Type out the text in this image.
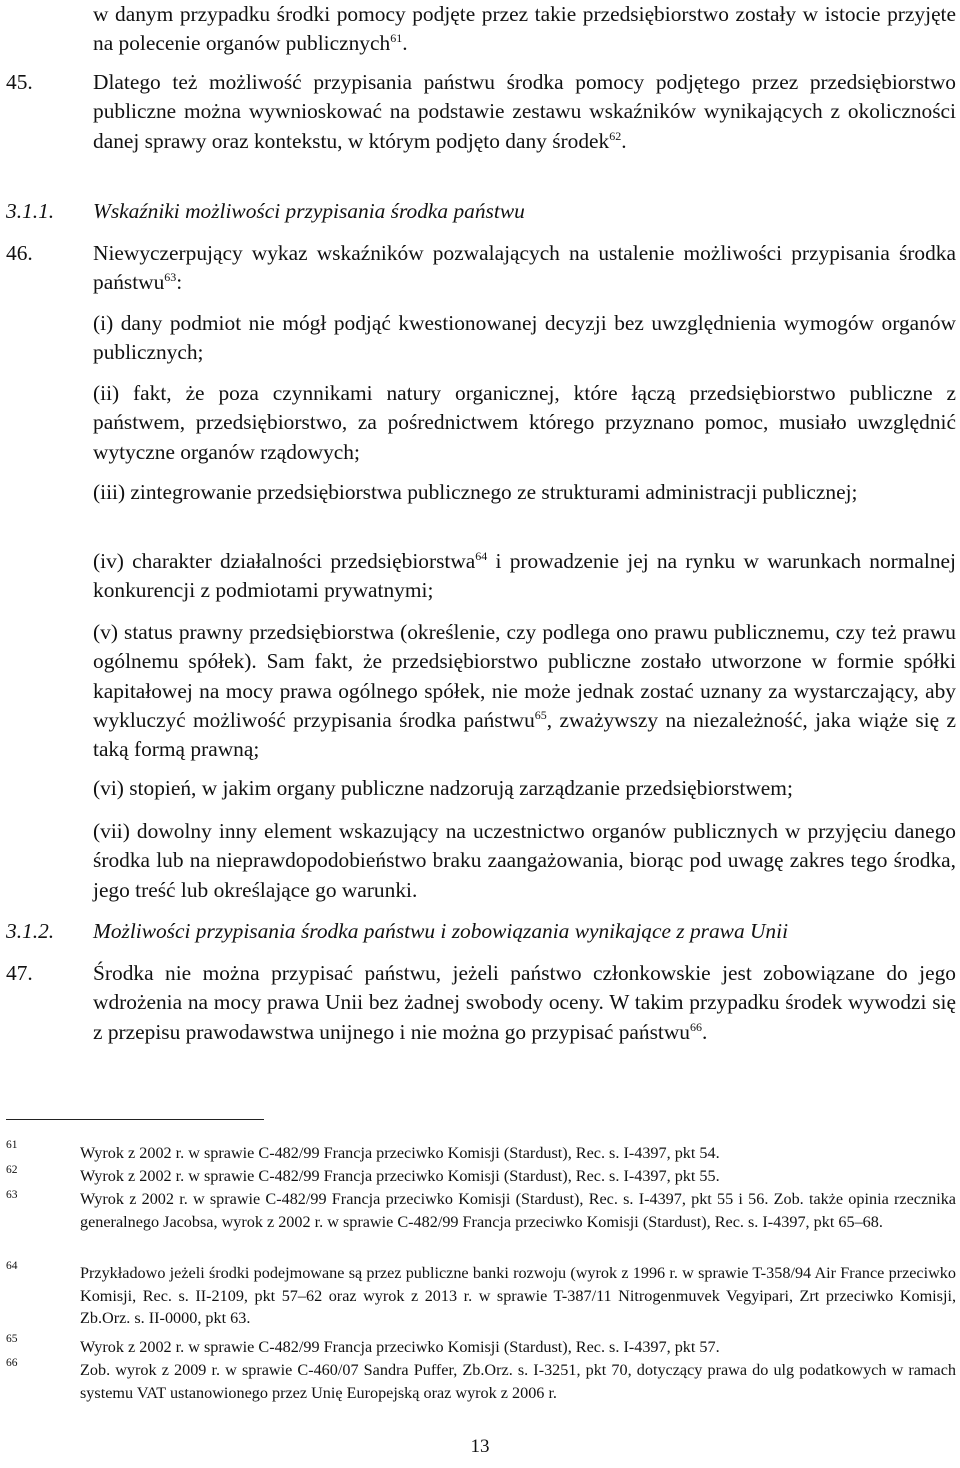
w danym przypadku środki pomocy podjęte przez takie przedsiębiorstwo zostały w istocie przyjęte na polecenie organów publicznych$^{61}$.
45.	Dlatego też możliwość przypisania państwu środka pomocy podjętego przez przedsiębiorstwo publiczne można wywnioskować na podstawie zestawu wskaźników wynikających z okoliczności danej sprawy oraz kontekstu, w którym podjęto dany środek$^{62}$.
3.1.1. Wskaźniki możliwości przypisania środka państwu
46.	Niewyczerpujący wykaz wskaźników pozwalających na ustalenie możliwości przypisania środka państwu$^{63}$:
(i) dany podmiot nie mógł podjąć kwestionowanej decyzji bez uwzględnienia wymogów organów publicznych;
(ii) fakt, że poza czynnikami natury organicznej, które łączą przedsiębiorstwo publiczne z państwem, przedsiębiorstwo, za pośrednictwem którego przyznano pomoc, musiało uwzględnić wytyczne organów rządowych;
(iii) zintegrowanie przedsiębiorstwa publicznego ze strukturami administracji publicznej;
(iv) charakter działalności przedsiębiorstwa$^{64}$ i prowadzenie jej na rynku w warunkach normalnej konkurencji z podmiotami prywatnymi;
(v) status prawny przedsiębiorstwa (określenie, czy podlega ono prawu publicznemu, czy też prawu ogólnemu spółek). Sam fakt, że przedsiębiorstwo publiczne zostało utworzone w formie spółki kapitałowej na mocy prawa ogólnego spółek, nie może jednak zostać uznany za wystarczający, aby wykluczyć możliwość przypisania środka państwu$^{65}$, zważywszy na niezależność, jaka wiąże się z taką formą prawną;
(vi) stopień, w jakim organy publiczne nadzorują zarządzanie przedsiębiorstwem;
(vii) dowolny inny element wskazujący na uczestnictwo organów publicznych w przyjęciu danego środka lub na nieprawdopodobieństwo braku zaangażowania, biorąc pod uwagę zakres tego środka, jego treść lub określające go warunki.
3.1.2. Możliwości przypisania środka państwu i zobowiązania wynikające z prawa Unii
47.	Środka nie można przypisać państwu, jeżeli państwo członkowskie jest zobowiązane do jego wdrożenia na mocy prawa Unii bez żadnej swobody oceny. W takim przypadku środek wywodzi się z przepisu prawodawstwa unijnego i nie można go przypisać państwu$^{66}$.
61	Wyrok z 2002 r. w sprawie C-482/99 Francja przeciwko Komisji (Stardust), Rec. s. I-4397, pkt 54.
62	Wyrok z 2002 r. w sprawie C-482/99 Francja przeciwko Komisji (Stardust), Rec. s. I-4397, pkt 55.
63	Wyrok z 2002 r. w sprawie C-482/99 Francja przeciwko Komisji (Stardust), Rec. s. I-4397, pkt 55 i 56. Zob. także opinia rzecznika generalnego Jacobsa, wyrok z 2002 r. w sprawie C-482/99 Francja przeciwko Komisji (Stardust), Rec. s. I-4397, pkt 65–68.
64	Przykładowo jeżeli środki podejmowane są przez publiczne banki rozwoju (wyrok z 1996 r. w sprawie T-358/94 Air France przeciwko Komisji, Rec. s. II-2109, pkt 57–62 oraz wyrok z 2013 r. w sprawie T-387/11 Nitrogenmuvek Vegyipari, Zrt przeciwko Komisji, Zb.Orz. s. II-0000, pkt 63.
65	Wyrok z 2002 r. w sprawie C-482/99 Francja przeciwko Komisji (Stardust), Rec. s. I-4397, pkt 57.
66	Zob. wyrok z 2009 r. w sprawie C-460/07 Sandra Puffer, Zb.Orz. s. I-3251, pkt 70, dotyczący prawa do ulg podatkowych w ramach systemu VAT ustanowionego przez Unię Europejską oraz wyrok z 2006 r.
13
